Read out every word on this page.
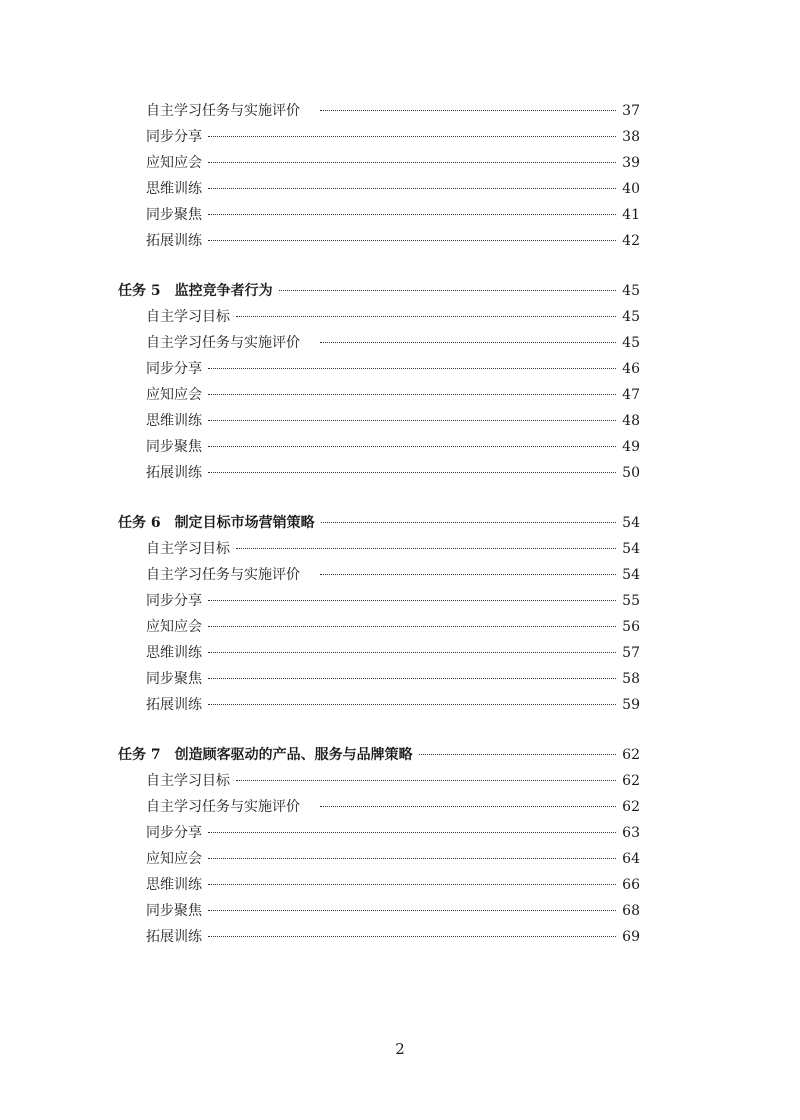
自主学习任务与实施评价	37
同步分享	38
应知应会	39
思维训练	40
同步聚焦	41
拓展训练	42
任务 5 监控竞争者行为	45
自主学习目标	45
自主学习任务与实施评价	45
同步分享	46
应知应会	47
思维训练	48
同步聚焦	49
拓展训练	50
任务 6 制定目标市场营销策略	54
自主学习目标	54
自主学习任务与实施评价	54
同步分享	55
应知应会	56
思维训练	57
同步聚焦	58
拓展训练	59
任务 7 创造顾客驱动的产品、服务与品牌策略	62
自主学习目标	62
自主学习任务与实施评价	62
同步分享	63
应知应会	64
思维训练	66
同步聚焦	68
拓展训练	69
2
